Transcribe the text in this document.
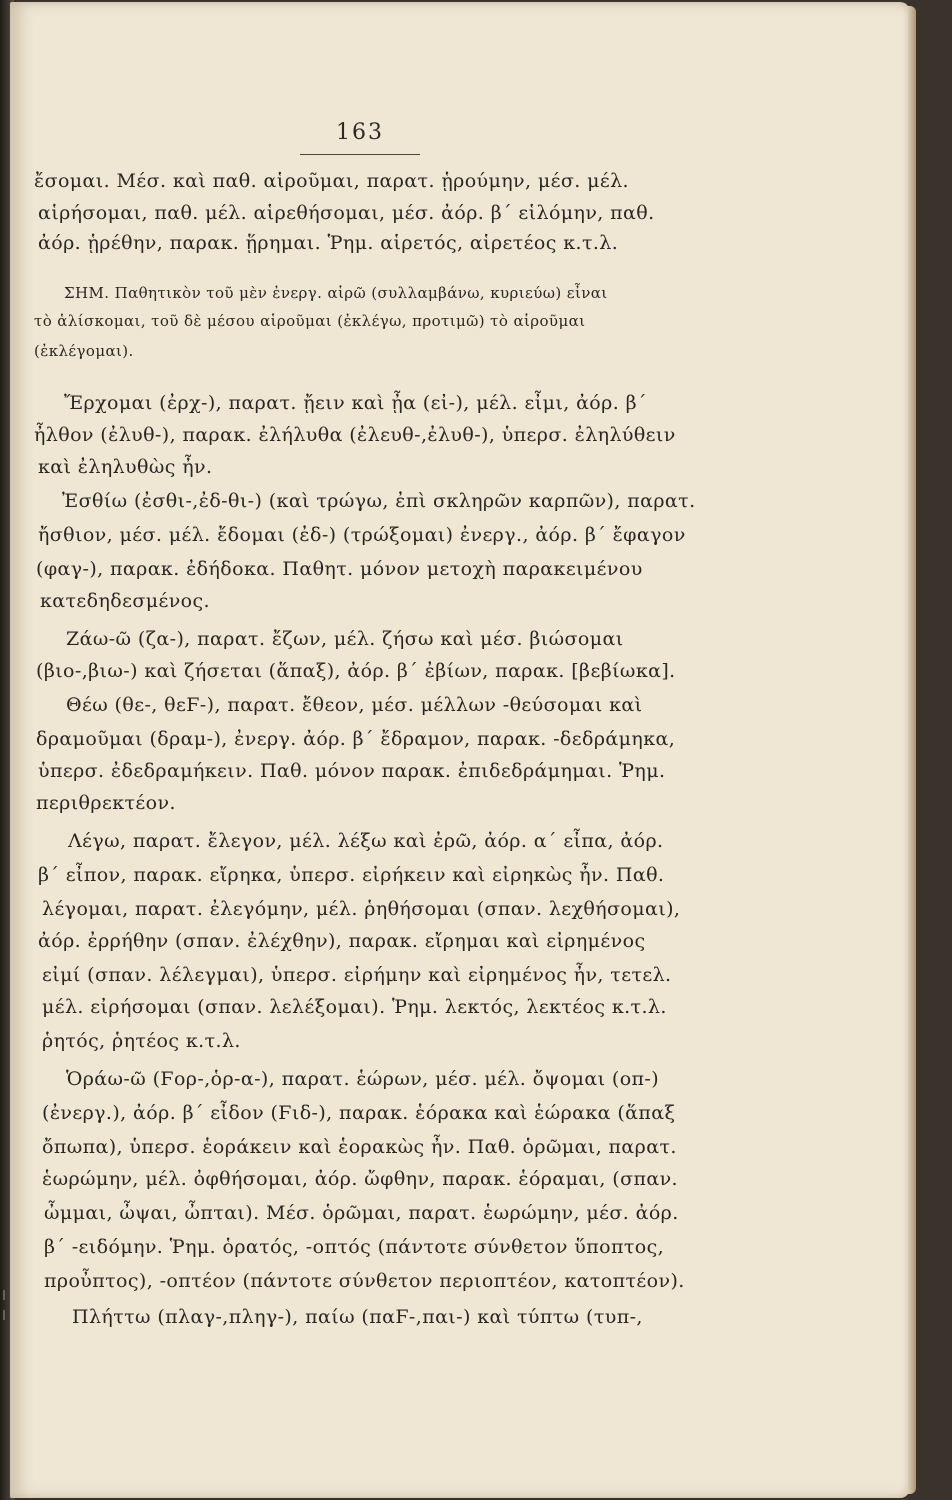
163
ἔσομαι. Μέσ. καὶ παθ. αἱροῦμαι, παρατ. ᾑρούμην, μέσ. μέλ.
αἱρήσομαι, παθ. μέλ. αἱρεθήσομαι, μέσ. ἀόρ. β΄ εἱλόμην, παθ.
ἀόρ. ᾑρέθην, παρακ. ᾕρημαι. Ῥημ. αἱρετός, αἱρετέος κ.τ.λ.
ΣΗΜ. Παθητικὸν τοῦ μὲν ἐνεργ. αἱρῶ (συλλαμβάνω, κυριεύω) εἶναι
τὸ ἁλίσκομαι, τοῦ δὲ μέσου αἱροῦμαι (ἐκλέγω, προτιμῶ) τὸ αἱροῦμαι
(ἐκλέγομαι).
Ἔρχομαι (ἐρχ-), παρατ. ᾔειν καὶ ᾖα (εἰ-), μέλ. εἶμι, ἀόρ. β΄
ἦλθον (ἐλυθ-), παρακ. ἐλήλυθα (ἐλευθ-,ἐλυθ-), ὑπερσ. ἐληλύθειν
καὶ ἐληλυθὼς ἦν.
Ἐσθίω (ἐσθι-,ἐδ-θι-) (καὶ τρώγω, ἐπὶ σκληρῶν καρπῶν), παρατ.
ἤσθιον, μέσ. μέλ. ἔδομαι (ἐδ-) (τρώξομαι) ἐνεργ., ἀόρ. β΄ ἔφαγον
(φαγ-), παρακ. ἐδήδοκα. Παθητ. μόνον μετοχὴ παρακειμένου
κατεδηδεσμένος.
Ζάω-ῶ (ζα-), παρατ. ἔζων, μέλ. ζήσω καὶ μέσ. βιώσομαι
(βιο-,βιω-) καὶ ζήσεται (ἅπαξ), ἀόρ. β΄ ἐβίων, παρακ. [βεβίωκα].
Θέω (θε-, θεϜ-), παρατ. ἔθεον, μέσ. μέλλων -θεύσομαι καὶ
δραμοῦμαι (δραμ-), ἐνεργ. ἀόρ. β΄ ἔδραμον, παρακ. -δεδράμηκα,
ὑπερσ. ἐδεδραμήκειν. Παθ. μόνον παρακ. ἐπιδεδράμημαι. Ῥημ.
περιθρεκτέον.
Λέγω, παρατ. ἔλεγον, μέλ. λέξω καὶ ἐρῶ, ἀόρ. α΄ εἶπα, ἀόρ.
β΄ εἶπον, παρακ. εἴρηκα, ὑπερσ. εἰρήκειν καὶ εἰρηκὼς ἦν. Παθ.
λέγομαι, παρατ. ἐλεγόμην, μέλ. ῥηθήσομαι (σπαν. λεχθήσομαι),
ἀόρ. ἐρρήθην (σπαν. ἐλέχθην), παρακ. εἴρημαι καὶ εἰρημένος
εἰμί (σπαν. λέλεγμαι), ὑπερσ. εἰρήμην καὶ εἰρημένος ἦν, τετελ.
μέλ. εἰρήσομαι (σπαν. λελέξομαι). Ῥημ. λεκτός, λεκτέος κ.τ.λ.
ῥητός, ῥητέος κ.τ.λ.
Ὁράω-ῶ (Ϝορ-,ὁρ-α-), παρατ. ἑώρων, μέσ. μέλ. ὄψομαι (οπ-)
(ἐνεργ.), ἀόρ. β΄ εἶδον (Ϝιδ-), παρακ. ἑόρακα καὶ ἑώρακα (ἅπαξ
ὄπωπα), ὑπερσ. ἑοράκειν καὶ ἑορακὼς ἦν. Παθ. ὁρῶμαι, παρατ.
ἑωρώμην, μέλ. ὀφθήσομαι, ἀόρ. ὤφθην, παρακ. ἑόραμαι, (σπαν.
ὦμμαι, ὦψαι, ὦπται). Μέσ. ὁρῶμαι, παρατ. ἑωρώμην, μέσ. ἀόρ.
β΄ -ειδόμην. Ῥημ. ὁρατός, -οπτός (πάντοτε σύνθετον ὕποπτος,
προὖπτος), -οπτέον (πάντοτε σύνθετον περιοπτέον, κατοπτέον).
Πλήττω (πλαγ-,πληγ-), παίω (παϜ-,παι-) καὶ τύπτω (τυπ-,
